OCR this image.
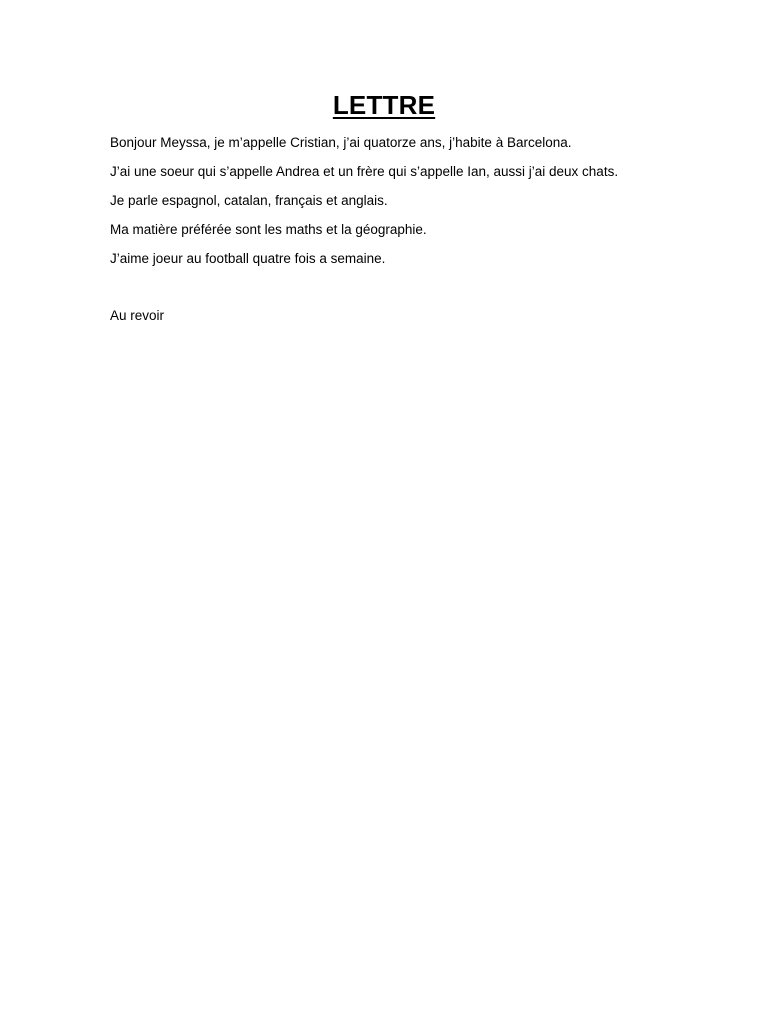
LETTRE

Bonjour Meyssa, je m’appelle Cristian, j’ai quatorze ans, j’habite à Barcelona.

J’ai une soeur qui s’appelle Andrea et un frère qui s’appelle Ian, aussi j’ai deux chats.

Je parle espagnol, catalan, français et anglais.

Ma matière préférée sont les maths et la géographie.

J’aime joeur au football quatre fois a semaine.

Au revoir
